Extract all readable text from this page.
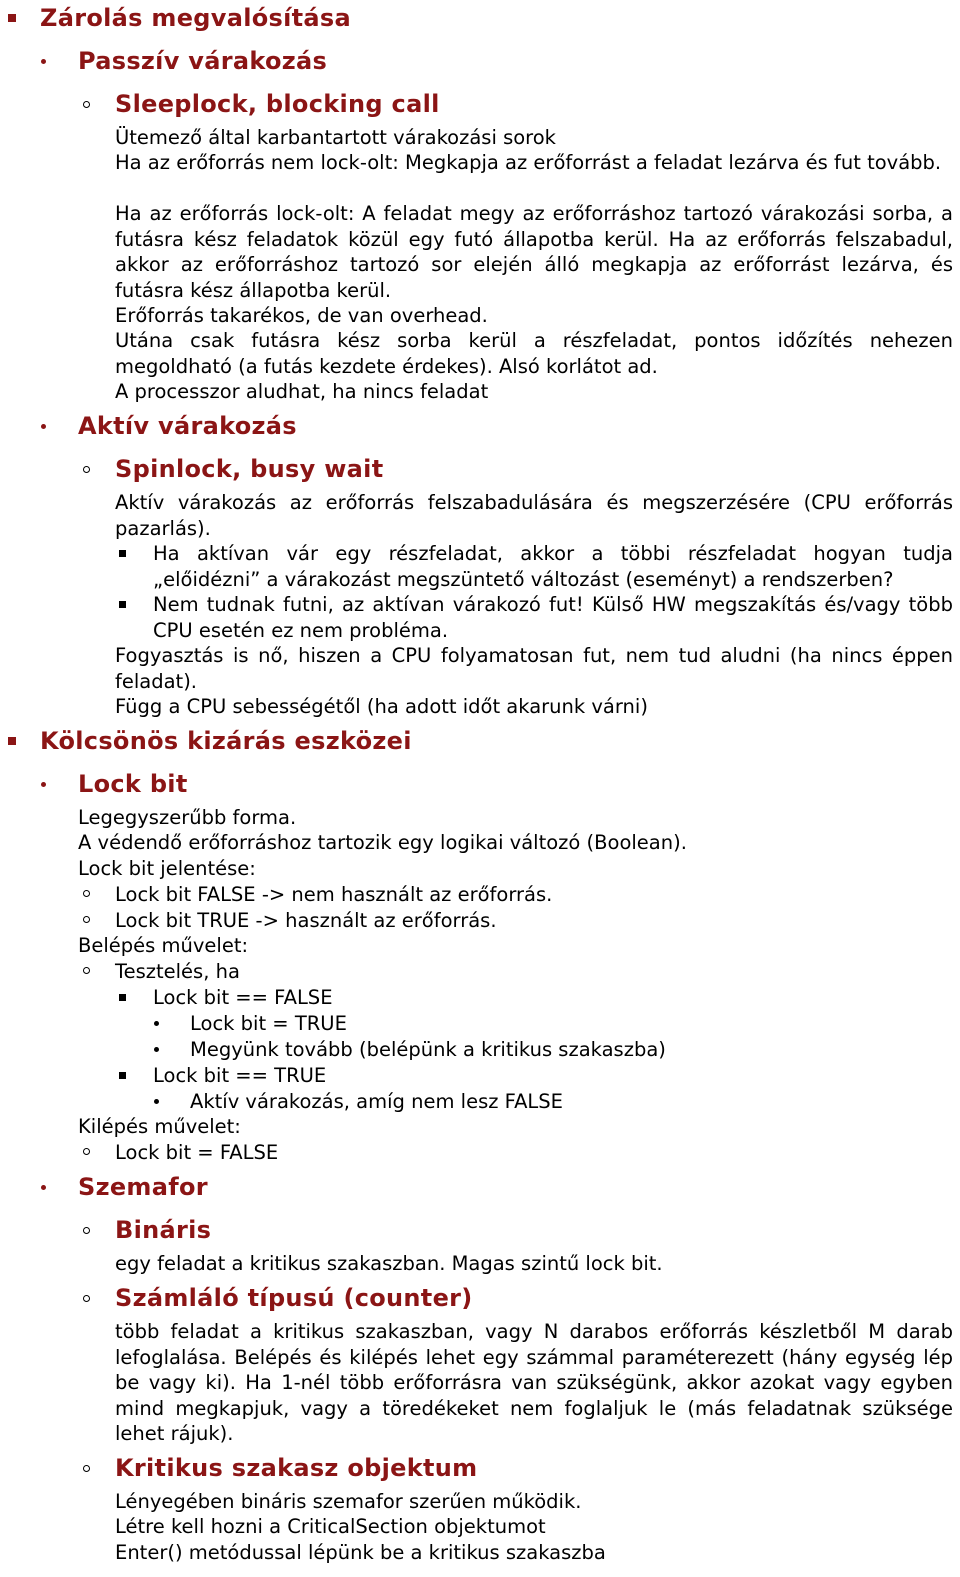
Zárolás megvalósítása
Passzív várakozás
Sleeplock, blocking call
Ütemező által karbantartott várakozási sorok
Ha az erőforrás nem lock-olt: Megkapja az erőforrást a feladat lezárva és fut tovább.
Ha az erőforrás lock-olt: A feladat megy az erőforráshoz tartozó várakozási sorba, a futásra kész feladatok közül egy futó állapotba kerül. Ha az erőforrás felszabadul, akkor az erőforráshoz tartozó sor elején álló megkapja az erőforrást lezárva, és futásra kész állapotba kerül.
Erőforrás takarékos, de van overhead.
Utána csak futásra kész sorba kerül a részfeladat, pontos időzítés nehezen megoldható (a futás kezdete érdekes). Alsó korlátot ad.
A processzor aludhat, ha nincs feladat
Aktív várakozás
Spinlock, busy wait
Aktív várakozás az erőforrás felszabadulására és megszerzésére (CPU erőforrás pazarlás).
Ha aktívan vár egy részfeladat, akkor a többi részfeladat hogyan tudja „előidézni” a várakozást megszüntető változást (eseményt) a rendszerben?
Nem tudnak futni, az aktívan várakozó fut! Külső HW megszakítás és/vagy több CPU esetén ez nem probléma.
Fogyasztás is nő, hiszen a CPU folyamatosan fut, nem tud aludni (ha nincs éppen feladat).
Függ a CPU sebességétől (ha adott időt akarunk várni)
Kölcsönös kizárás eszközei
Lock bit
Legegyszerűbb forma.
A védendő erőforráshoz tartozik egy logikai változó (Boolean).
Lock bit jelentése:
Lock bit FALSE -> nem használt az erőforrás.
Lock bit TRUE -> használt az erőforrás.
Belépés művelet:
Tesztelés, ha
Lock bit == FALSE
Lock bit = TRUE
Megyünk tovább (belépünk a kritikus szakaszba)
Lock bit == TRUE
Aktív várakozás, amíg nem lesz FALSE
Kilépés művelet:
Lock bit = FALSE
Szemafor
Bináris
egy feladat a kritikus szakaszban. Magas szintű lock bit.
Számláló típusú (counter)
több feladat a kritikus szakaszban, vagy N darabos erőforrás készletből M darab lefoglalása. Belépés és kilépés lehet egy számmal paraméterezett (hány egység lép be vagy ki). Ha 1-nél több erőforrásra van szükségünk, akkor azokat vagy egyben mind megkapjuk, vagy a töredékeket nem foglaljuk le (más feladatnak szüksége lehet rájuk).
Kritikus szakasz objektum
Lényegében bináris szemafor szerűen működik.
Létre kell hozni a CriticalSection objektumot
Enter() metódussal lépünk be a kritikus szakaszba
